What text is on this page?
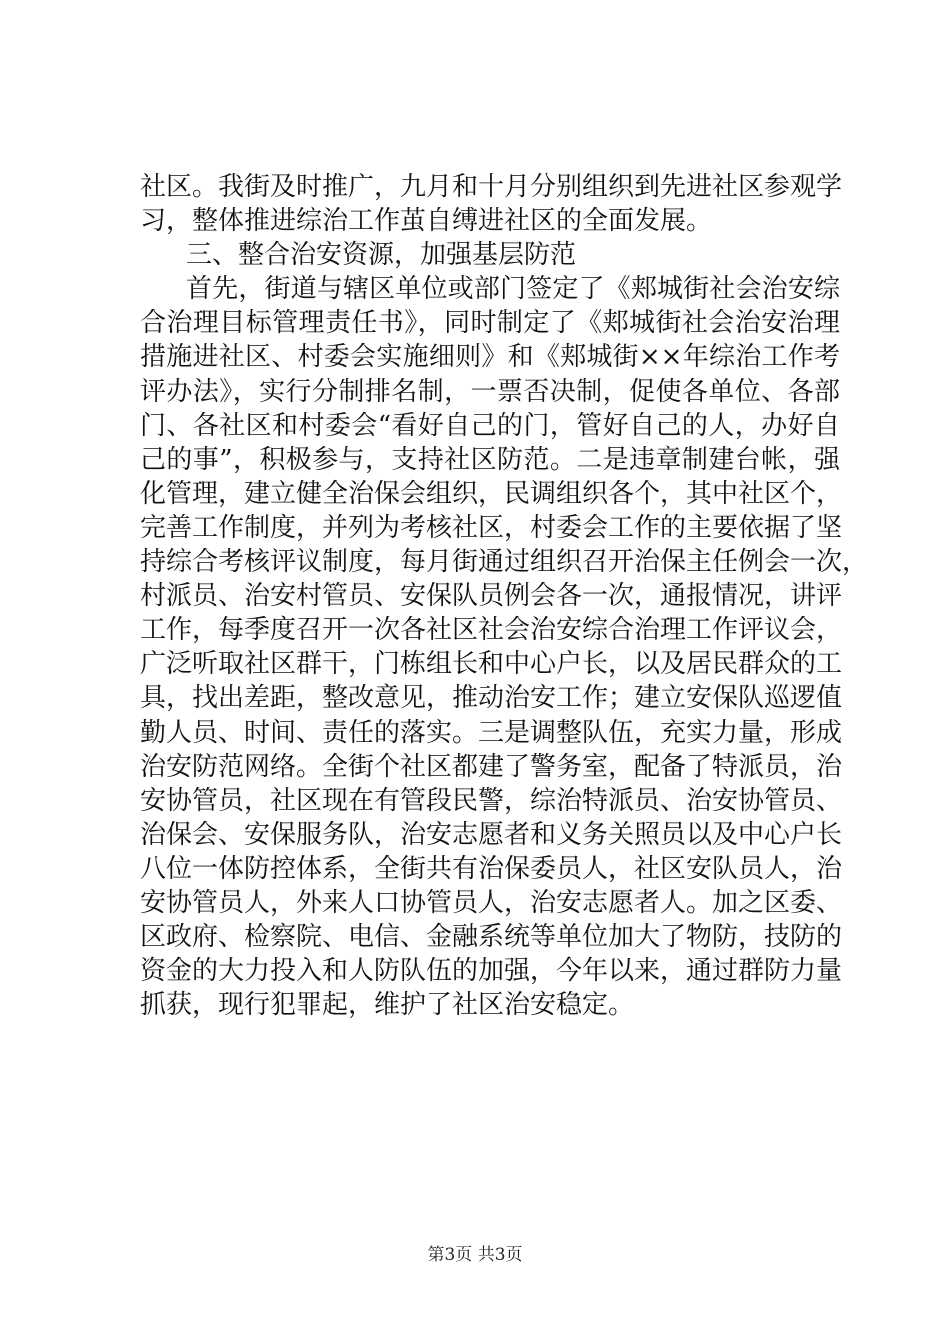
社区。我街及时推广，九月和十月分别组织到先进社区参观学
习，整体推进综治工作茧自缚进社区的全面发展。
三、整合治安资源，加强基层防范
首先，街道与辖区单位或部门签定了《郏城街社会治安综
合治理目标管理责任书》，同时制定了《郏城街社会治安治理
措施进社区、村委会实施细则》和《郏城街××年综治工作考
评办法》，实行分制排名制，一票否决制，促使各单位、各部
门、各社区和村委会“看好自己的门，管好自己的人，办好自
己的事”，积极参与，支持社区防范。二是违章制建台帐，强
化管理，建立健全治保会组织，民调组织各个，其中社区个，
完善工作制度，并列为考核社区，村委会工作的主要依据了坚
持综合考核评议制度，每月街通过组织召开治保主任例会一次，
村派员、治安村管员、安保队员例会各一次，通报情况，讲评
工作，每季度召开一次各社区社会治安综合治理工作评议会，
广泛听取社区群干，门栋组长和中心户长，以及居民群众的工
具，找出差距，整改意见，推动治安工作；建立安保队巡逻值
勤人员、时间、责任的落实。三是调整队伍，充实力量，形成
治安防范网络。全街个社区都建了警务室，配备了特派员，治
安协管员，社区现在有管段民警，综治特派员、治安协管员、
治保会、安保服务队，治安志愿者和义务关照员以及中心户长
八位一体防控体系，全街共有治保委员人，社区安队员人，治
安协管员人，外来人口协管员人，治安志愿者人。加之区委、
区政府、检察院、电信、金融系统等单位加大了物防，技防的
资金的大力投入和人防队伍的加强，今年以来，通过群防力量
抓获，现行犯罪起，维护了社区治安稳定。
第3页 共3页
